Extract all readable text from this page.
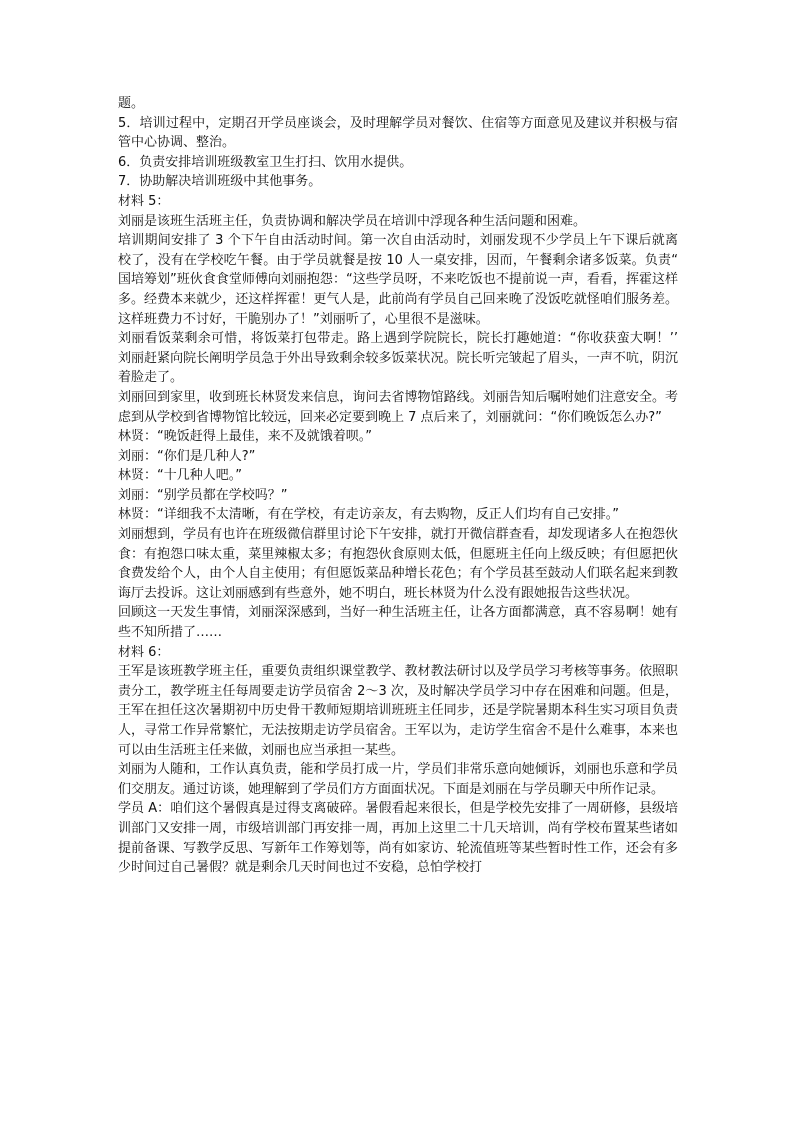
题。

5．培训过程中，定期召开学员座谈会，及时理解学员对餐饮、住宿等方面意见及建议并积极与宿管中心协调、整治。

6．负责安排培训班级教室卫生打扫、饮用水提供。

7．协助解决培训班级中其他事务。

材料 5：

刘丽是该班生活班主任，负责协调和解决学员在培训中浮现各种生活问题和困难。

培训期间安排了 3 个下午自由活动时间。第一次自由活动时，刘丽发现不少学员上午下课后就离校了，没有在学校吃午餐。由于学员就餐是按 10 人一桌安排，因而，午餐剩余诸多饭菜。负责“国培筹划”班伙食食堂师傅向刘丽抱怨：“这些学员呀，不来吃饭也不提前说一声，看看，挥霍这样多。经费本来就少，还这样挥霍！更气人是，此前尚有学员自己回来晚了没饭吃就怪咱们服务差。这样班费力不讨好，干脆别办了！”刘丽听了，心里很不是滋味。

刘丽看饭菜剩余可惜，将饭菜打包带走。路上遇到学院院长，院长打趣她道：“你收获蛮大啊！’’刘丽赶紧向院长阐明学员急于外出导致剩余较多饭菜状况。院长听完皱起了眉头，一声不吭，阴沉着脸走了。

刘丽回到家里，收到班长林贤发来信息，询问去省博物馆路线。刘丽告知后嘱咐她们注意安全。考虑到从学校到省博物馆比较远，回来必定要到晚上 7 点后来了，刘丽就问：“你们晚饭怎么办?”

林贤：“晚饭赶得上最佳，来不及就饿着呗。”

刘丽：“你们是几种人?”

林贤：“十几种人吧。”

刘丽：“别学员都在学校吗？”

林贤：“详细我不太清晰，有在学校，有走访亲友，有去购物，反正人们均有自己安排。”

刘丽想到，学员有也许在班级微信群里讨论下午安排，就打开微信群查看，却发现诸多人在抱怨伙食：有抱怨口味太重，菜里辣椒太多；有抱怨伙食原则太低，但愿班主任向上级反映；有但愿把伙食费发给个人，由个人自主使用；有但愿饭菜品种增长花色；有个学员甚至鼓动人们联名起来到教诲厅去投诉。这让刘丽感到有些意外，她不明白，班长林贤为什么没有跟她报告这些状况。

回顾这一天发生事情，刘丽深深感到，当好一种生活班主任，让各方面都满意，真不容易啊！她有些不知所措了……

材料 6：

王军是该班教学班主任，重要负责组织课堂教学、教材教法研讨以及学员学习考核等事务。依照职责分工，教学班主任每周要走访学员宿舍 2～3 次，及时解决学员学习中存在困难和问题。但是，王军在担任这次暑期初中历史骨干教师短期培训班班主任同步，还是学院暑期本科生实习项目负责人，寻常工作异常繁忙，无法按期走访学员宿舍。王军以为，走访学生宿舍不是什么难事，本来也可以由生活班主任来做，刘丽也应当承担一某些。

刘丽为人随和，工作认真负责，能和学员打成一片，学员们非常乐意向她倾诉，刘丽也乐意和学员们交朋友。通过访谈，她理解到了学员们方方面面状况。下面是刘丽在与学员聊天中所作记录。

学员 A：咱们这个暑假真是过得支离破碎。暑假看起来很长，但是学校先安排了一周研修，县级培训部门又安排一周，市级培训部门再安排一周，再加上这里二十几天培训，尚有学校布置某些诸如提前备课、写教学反思、写新年工作筹划等，尚有如家访、轮流值班等某些暂时性工作，还会有多少时间过自己暑假？就是剩余几天时间也过不安稳，总怕学校打
